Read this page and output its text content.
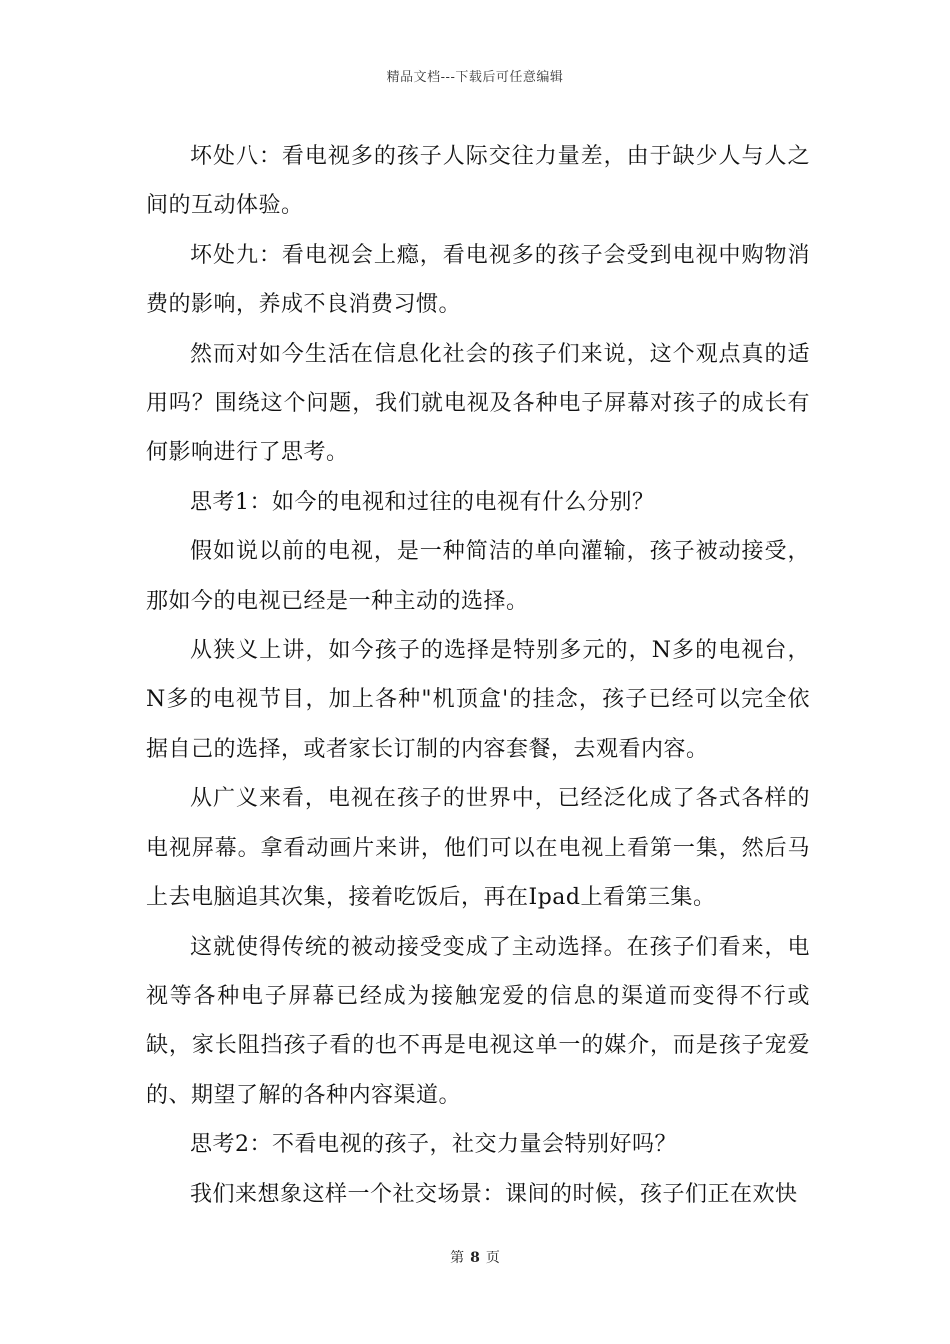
精品文档---下载后可任意编辑

坏处八：看电视多的孩子人际交往力量差，由于缺少人与人之间的互动体验。

坏处九：看电视会上瘾，看电视多的孩子会受到电视中购物消费的影响，养成不良消费习惯。

然而对如今生活在信息化社会的孩子们来说，这个观点真的适用吗？围绕这个问题，我们就电视及各种电子屏幕对孩子的成长有何影响进行了思考。

思考1：如今的电视和过往的电视有什么分别？

假如说以前的电视，是一种简洁的单向灌输，孩子被动接受，那如今的电视已经是一种主动的选择。

从狭义上讲，如今孩子的选择是特别多元的，N多的电视台，N多的电视节目，加上各种"机顶盒'的挂念，孩子已经可以完全依据自己的选择，或者家长订制的内容套餐，去观看内容。

从广义来看，电视在孩子的世界中，已经泛化成了各式各样的电视屏幕。拿看动画片来讲，他们可以在电视上看第一集，然后马上去电脑追其次集，接着吃饭后，再在Ipad上看第三集。

这就使得传统的被动接受变成了主动选择。在孩子们看来，电视等各种电子屏幕已经成为接触宠爱的信息的渠道而变得不行或缺，家长阻挡孩子看的也不再是电视这单一的媒介，而是孩子宠爱的、期望了解的各种内容渠道。

思考2：不看电视的孩子，社交力量会特别好吗？

我们来想象这样一个社交场景：课间的时候，孩子们正在欢快

第 8 页
